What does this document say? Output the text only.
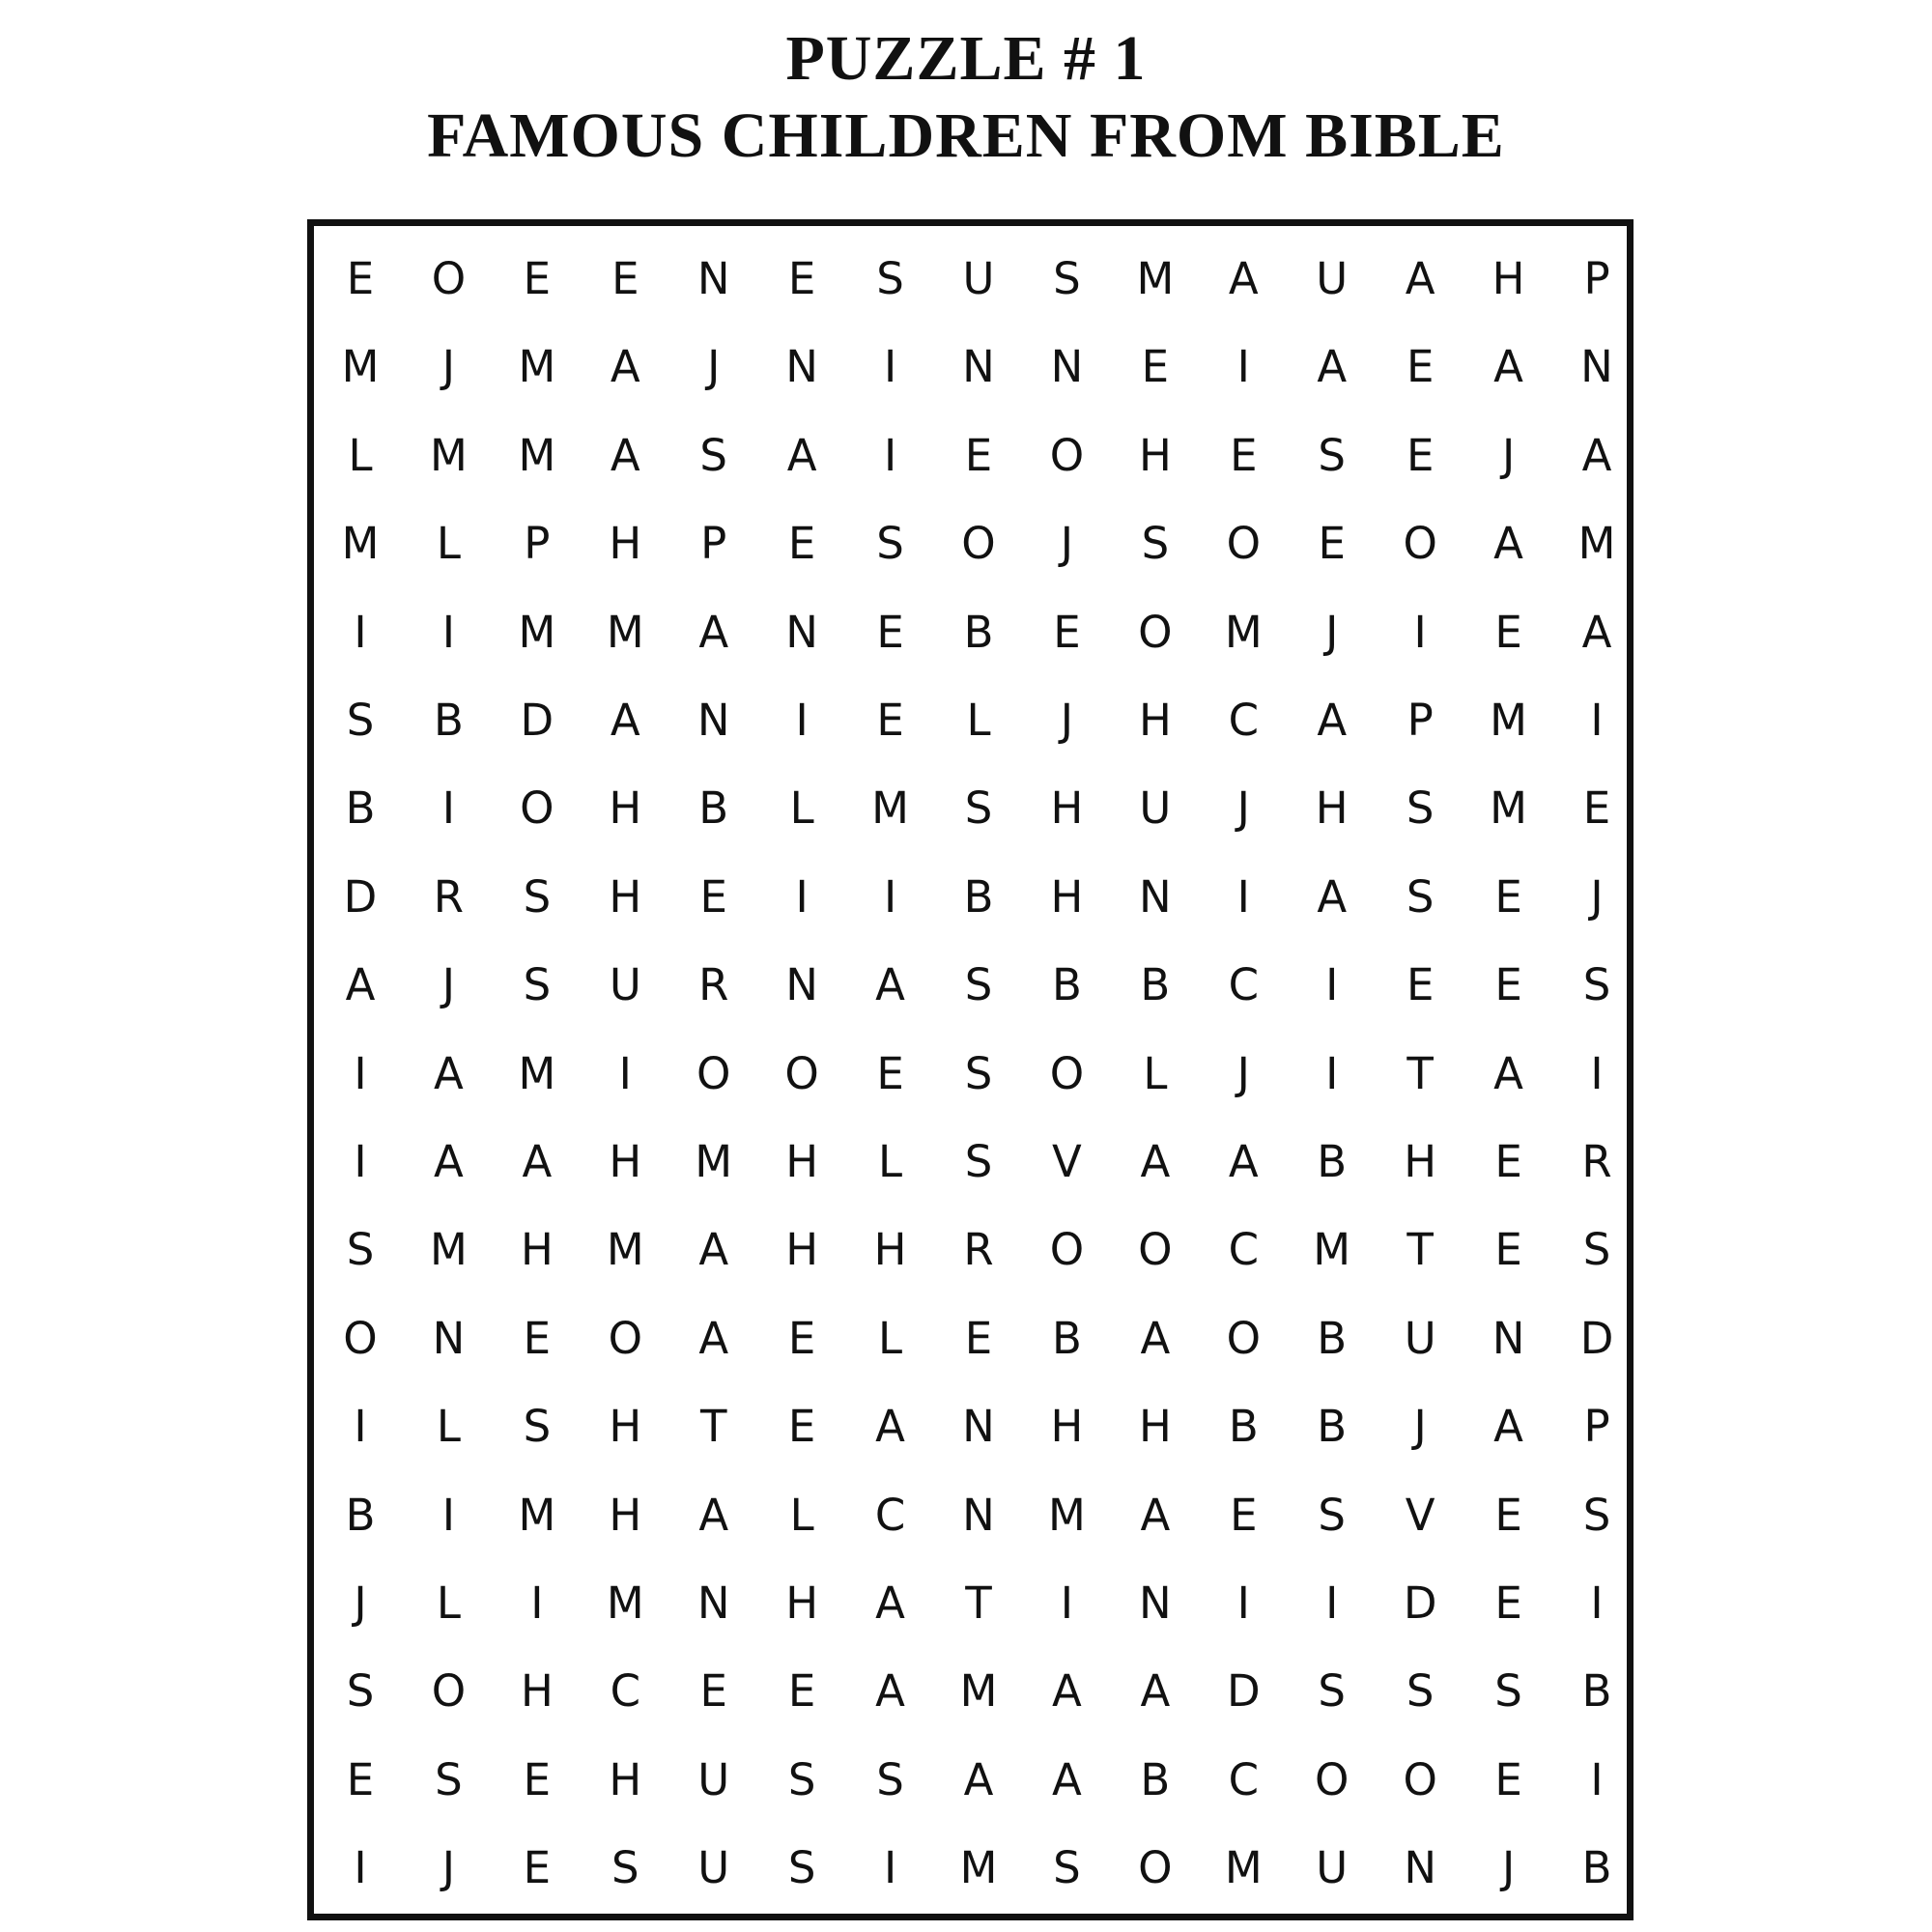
PUZZLE # 1
FAMOUS CHILDREN FROM BIBLE
E	O	E	E	N	E	S	U	S	M	A	U	A	H	P
M	J	M	A	J	N	I	N	N	E	I	A	E	A	N
L	M	M	A	S	A	I	E	O	H	E	S	E	J	A
M	L	P	H	P	E	S	O	J	S	O	E	O	A	M
I	I	M	M	A	N	E	B	E	O	M	J	I	E	A
S	B	D	A	N	I	E	L	J	H	C	A	P	M	I
B	I	O	H	B	L	M	S	H	U	J	H	S	M	E
D	R	S	H	E	I	I	B	H	N	I	A	S	E	J
A	J	S	U	R	N	A	S	B	B	C	I	E	E	S
I	A	M	I	O	O	E	S	O	L	J	I	T	A	I
I	A	A	H	M	H	L	S	V	A	A	B	H	E	R
S	M	H	M	A	H	H	R	O	O	C	M	T	E	S
O	N	E	O	A	E	L	E	B	A	O	B	U	N	D
I	L	S	H	T	E	A	N	H	H	B	B	J	A	P
B	I	M	H	A	L	C	N	M	A	E	S	V	E	S
J	L	I	M	N	H	A	T	I	N	I	I	D	E	I
S	O	H	C	E	E	A	M	A	A	D	S	S	S	B
E	S	E	H	U	S	S	A	A	B	C	O	O	E	I
I	J	E	S	U	S	I	M	S	O	M	U	N	J	B
